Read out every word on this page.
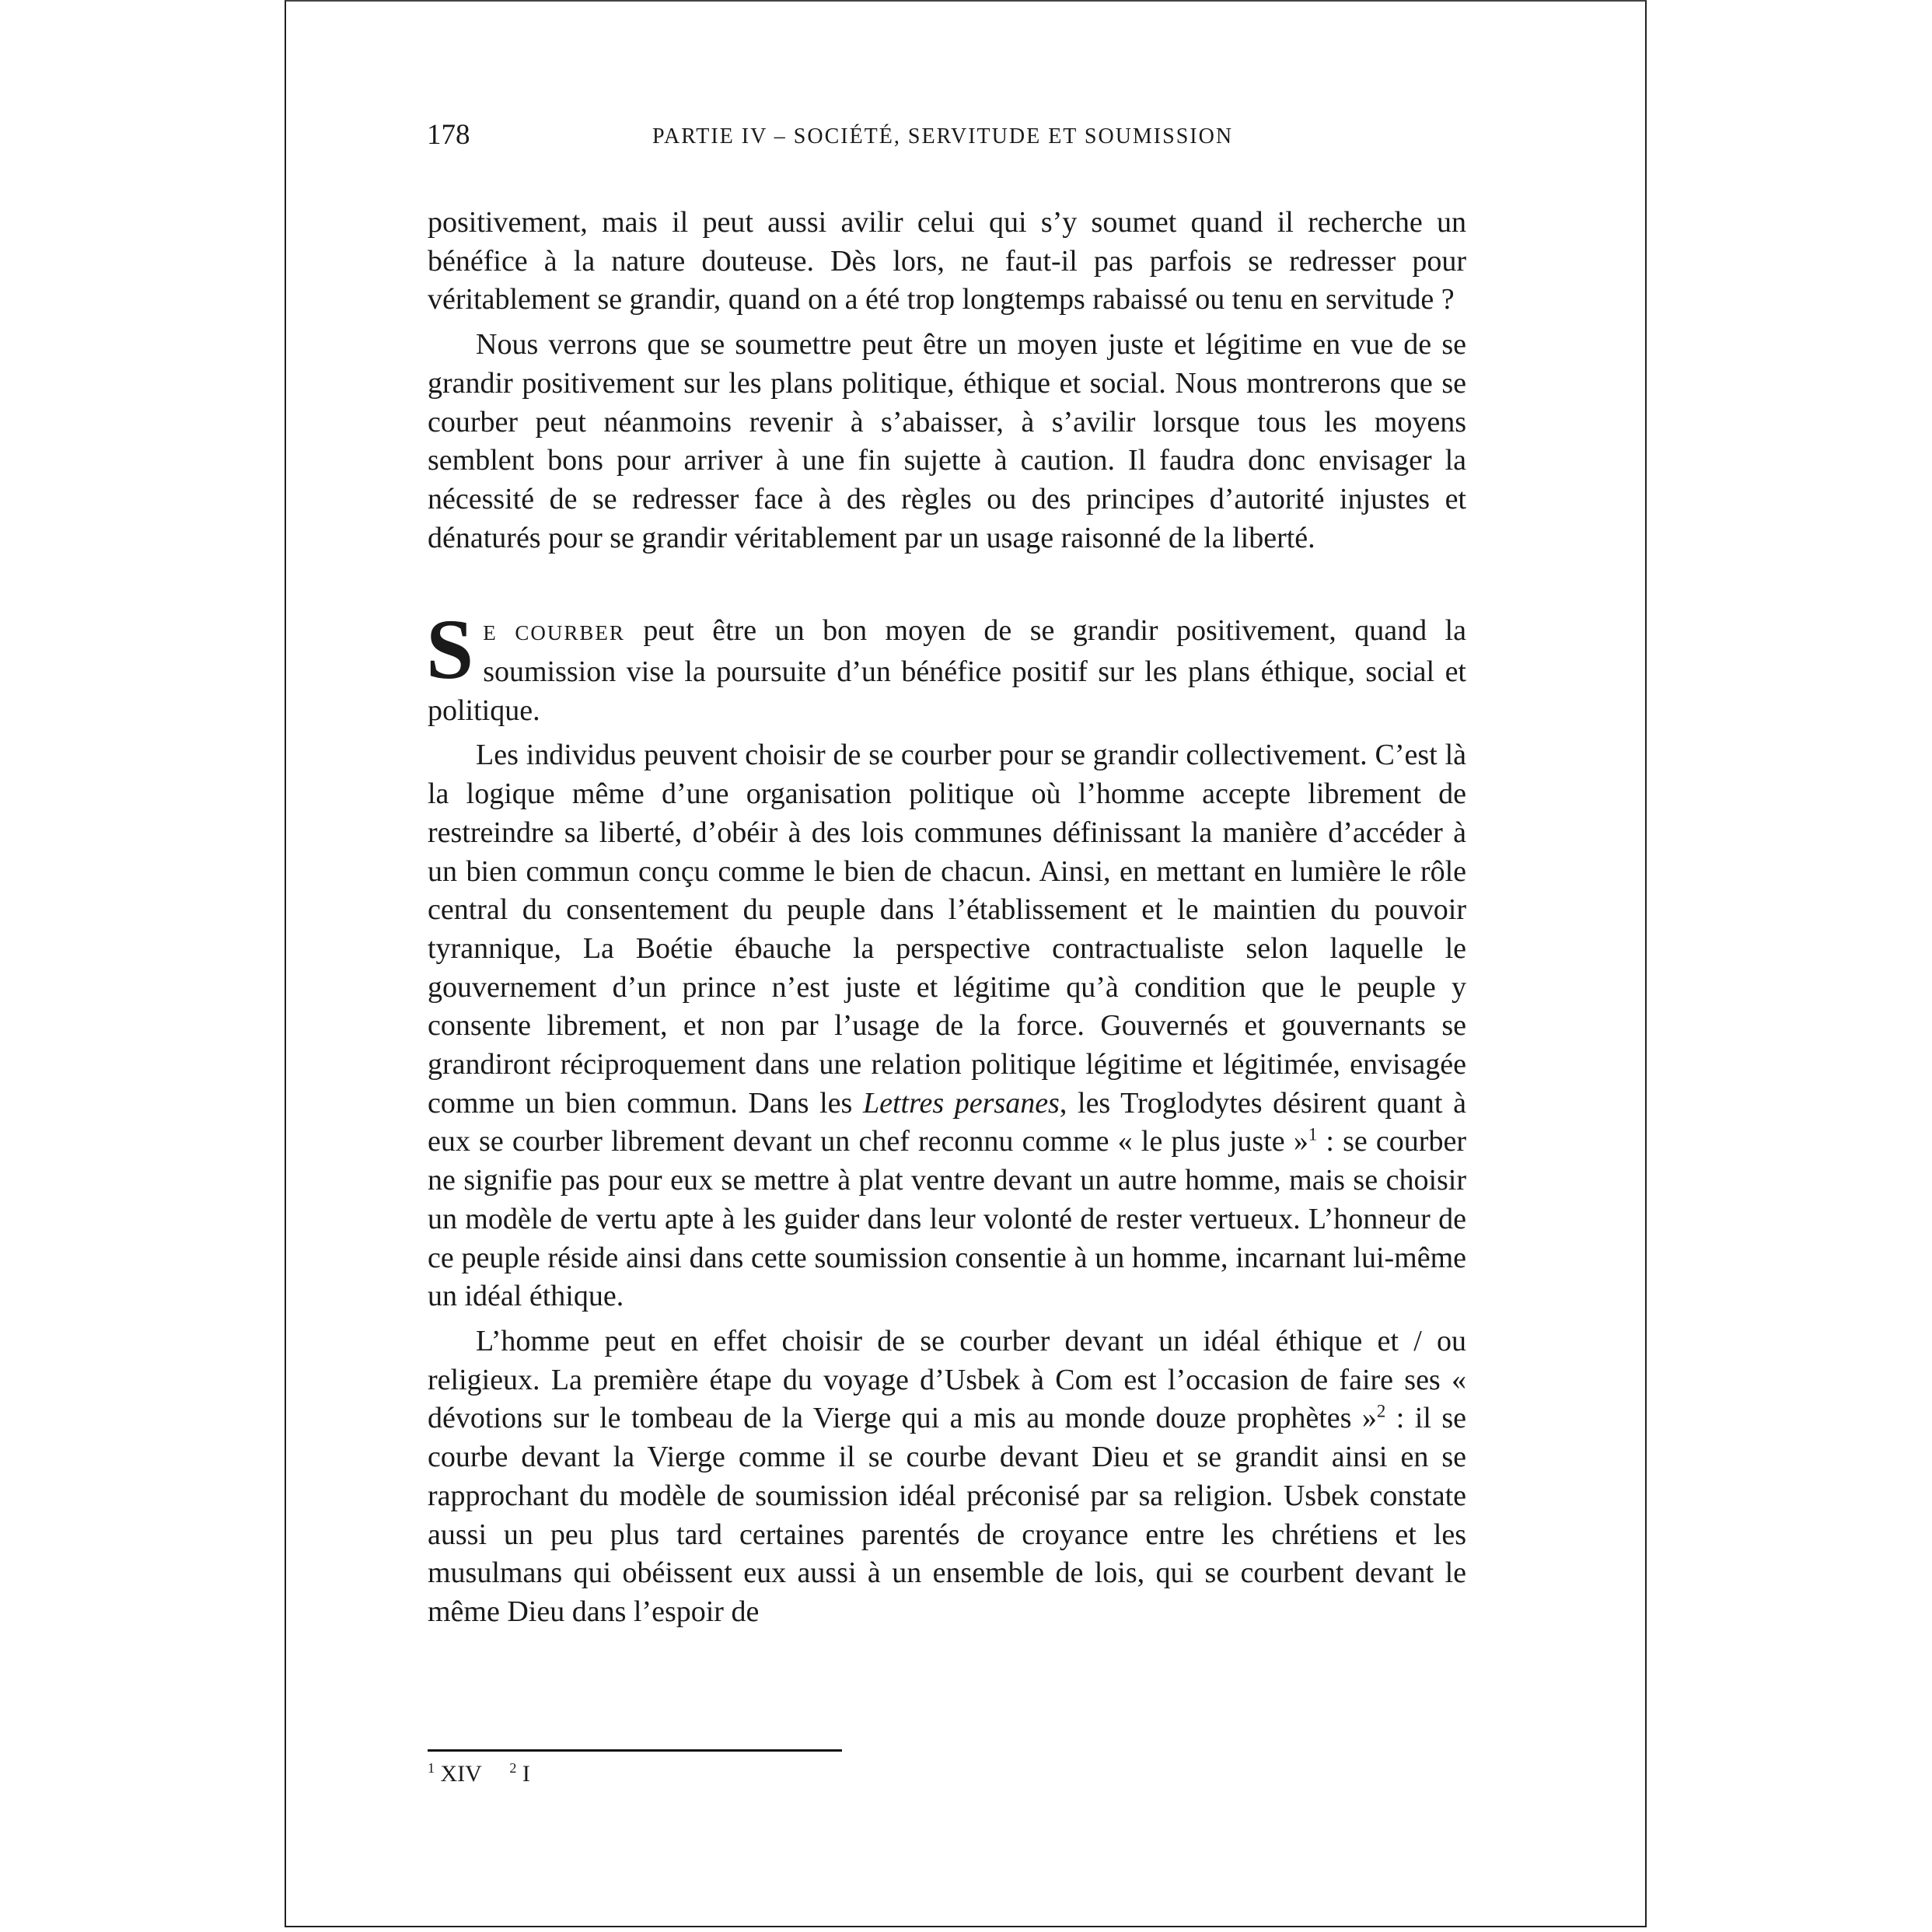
178	PARTIE IV – SOCIÉTÉ, SERVITUDE ET SOUMISSION

positivement, mais il peut aussi avilir celui qui s’y soumet quand il recherche un bénéfice à la nature douteuse. Dès lors, ne faut-il pas parfois se redresser pour véritablement se grandir, quand on a été trop longtemps rabaissé ou tenu en servitude ?

Nous verrons que se soumettre peut être un moyen juste et légitime en vue de se grandir positivement sur les plans politique, éthique et social. Nous montrerons que se courber peut néanmoins revenir à s’abaisser, à s’avilir lorsque tous les moyens semblent bons pour arriver à une fin sujette à caution. Il faudra donc envisager la nécessité de se redresser face à des règles ou des principes d’autorité injustes et dénaturés pour se grandir véritablement par un usage raisonné de la liberté.

S E COURBER peut être un bon moyen de se grandir positivement, quand la soumission vise la poursuite d’un bénéfice positif sur les plans éthique, social et politique.

Les individus peuvent choisir de se courber pour se grandir collectivement. C’est là la logique même d’une organisation politique où l’homme accepte librement de restreindre sa liberté, d’obéir à des lois communes définissant la manière d’accéder à un bien commun conçu comme le bien de chacun. Ainsi, en mettant en lumière le rôle central du consentement du peuple dans l’établissement et le maintien du pouvoir tyrannique, La Boétie ébauche la perspective contractualiste selon laquelle le gouvernement d’un prince n’est juste et légitime qu’à condition que le peuple y consente librement, et non par l’usage de la force. Gouvernés et gouvernants se grandiront réciproquement dans une relation politique légitime et légitimée, envisagée comme un bien commun. Dans les Lettres persanes, les Troglodytes désirent quant à eux se courber librement devant un chef reconnu comme « le plus juste »$^1$ : se courber ne signifie pas pour eux se mettre à plat ventre devant un autre homme, mais se choisir un modèle de vertu apte à les guider dans leur volonté de rester vertueux. L’honneur de ce peuple réside ainsi dans cette soumission consentie à un homme, incarnant lui-même un idéal éthique.

L’homme peut en effet choisir de se courber devant un idéal éthique et / ou religieux. La première étape du voyage d’Usbek à Com est l’occasion de faire ses « dévotions sur le tombeau de la Vierge qui a mis au monde douze prophètes »$^2$ : il se courbe devant la Vierge comme il se courbe devant Dieu et se grandit ainsi en se rapprochant du modèle de soumission idéal préconisé par sa religion. Usbek constate aussi un peu plus tard certaines parentés de croyance entre les chrétiens et les musulmans qui obéissent eux aussi à un ensemble de lois, qui se courbent devant le même Dieu dans l’espoir de

$^1$ XIV $^2$ I
